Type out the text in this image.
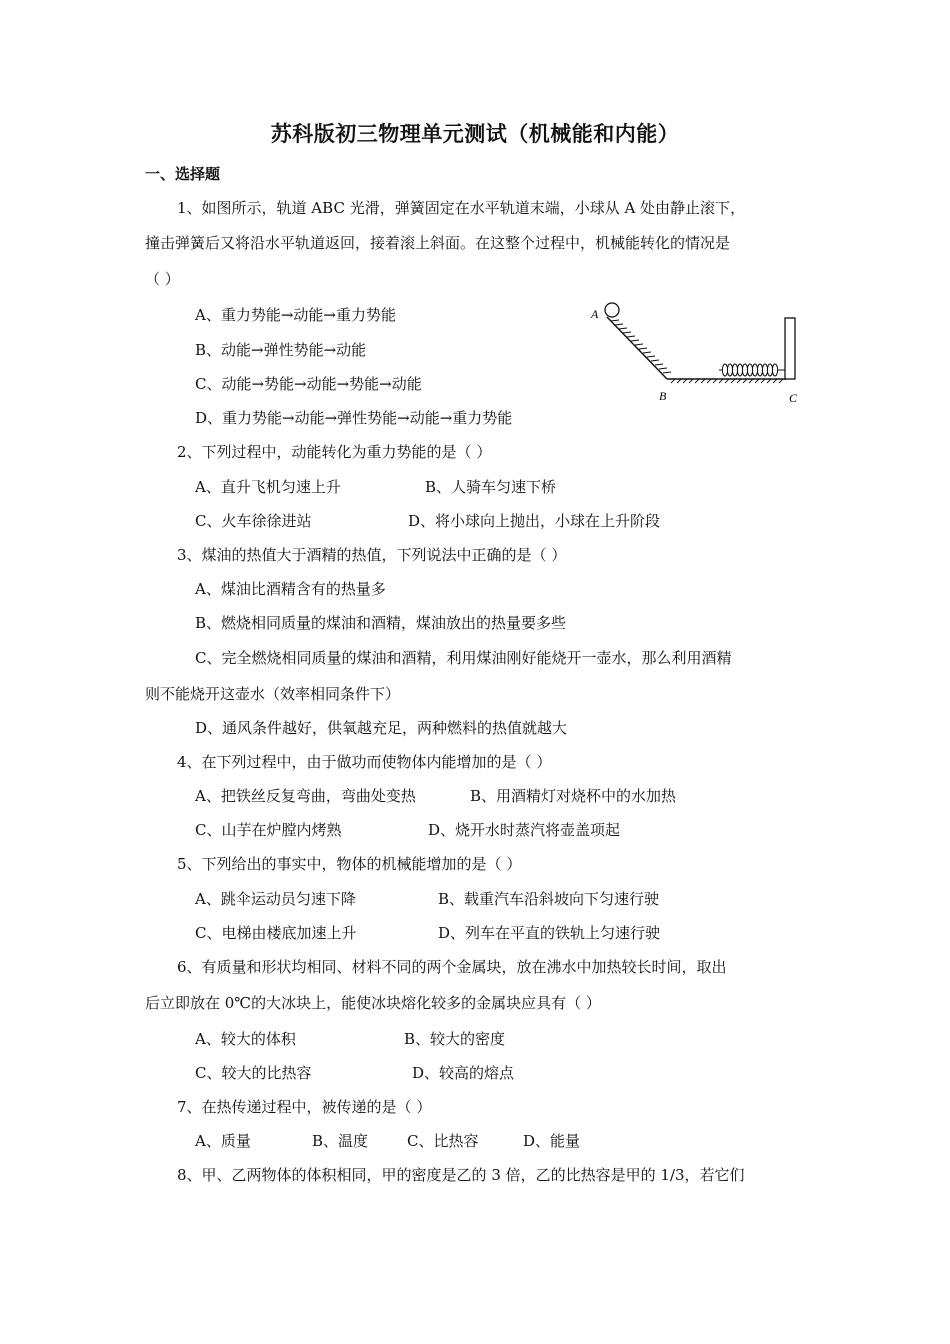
苏科版初三物理单元测试（机械能和内能）
一、选择题
1、如图所示，轨道 ABC 光滑，弹簧固定在水平轨道末端，小球从 A 处由静止滚下，
撞击弹簧后又将沿水平轨道返回，接着滚上斜面。在这整个过程中，机械能转化的情况是
（ ）
A、重力势能→动能→重力势能
B、动能→弹性势能→动能
C、动能→势能→动能→势能→动能
D、重力势能→动能→弹性势能→动能→重力势能
A
B	C
2、下列过程中，动能转化为重力势能的是（ ）
A、直升飞机匀速上升	B、人骑车匀速下桥
C、火车徐徐进站	D、将小球向上抛出，小球在上升阶段
3、煤油的热值大于酒精的热值，下列说法中正确的是（ ）
A、煤油比酒精含有的热量多
B、燃烧相同质量的煤油和酒精，煤油放出的热量要多些
C、完全燃烧相同质量的煤油和酒精，利用煤油刚好能烧开一壶水，那么利用酒精
则不能烧开这壶水（效率相同条件下）
D、通风条件越好，供氧越充足，两种燃料的热值就越大
4、在下列过程中，由于做功而使物体内能增加的是（ ）
A、把铁丝反复弯曲，弯曲处变热	B、用酒精灯对烧杯中的水加热
C、山芋在炉膛内烤熟	D、烧开水时蒸汽将壶盖项起
5、下列给出的事实中，物体的机械能增加的是（ ）
A、跳伞运动员匀速下降	B、载重汽车沿斜坡向下匀速行驶
C、电梯由楼底加速上升	D、列车在平直的铁轨上匀速行驶
6、有质量和形状均相同、材料不同的两个金属块，放在沸水中加热较长时间，取出
后立即放在 0℃的大冰块上，能使冰块熔化较多的金属块应具有（ ）
A、较大的体积	B、较大的密度
C、较大的比热容	D、较高的熔点
7、在热传递过程中，被传递的是（ ）
A、质量	B、温度	C、比热容	D、能量
8、甲、乙两物体的体积相同，甲的密度是乙的 3 倍，乙的比热容是甲的 1/3，若它们
